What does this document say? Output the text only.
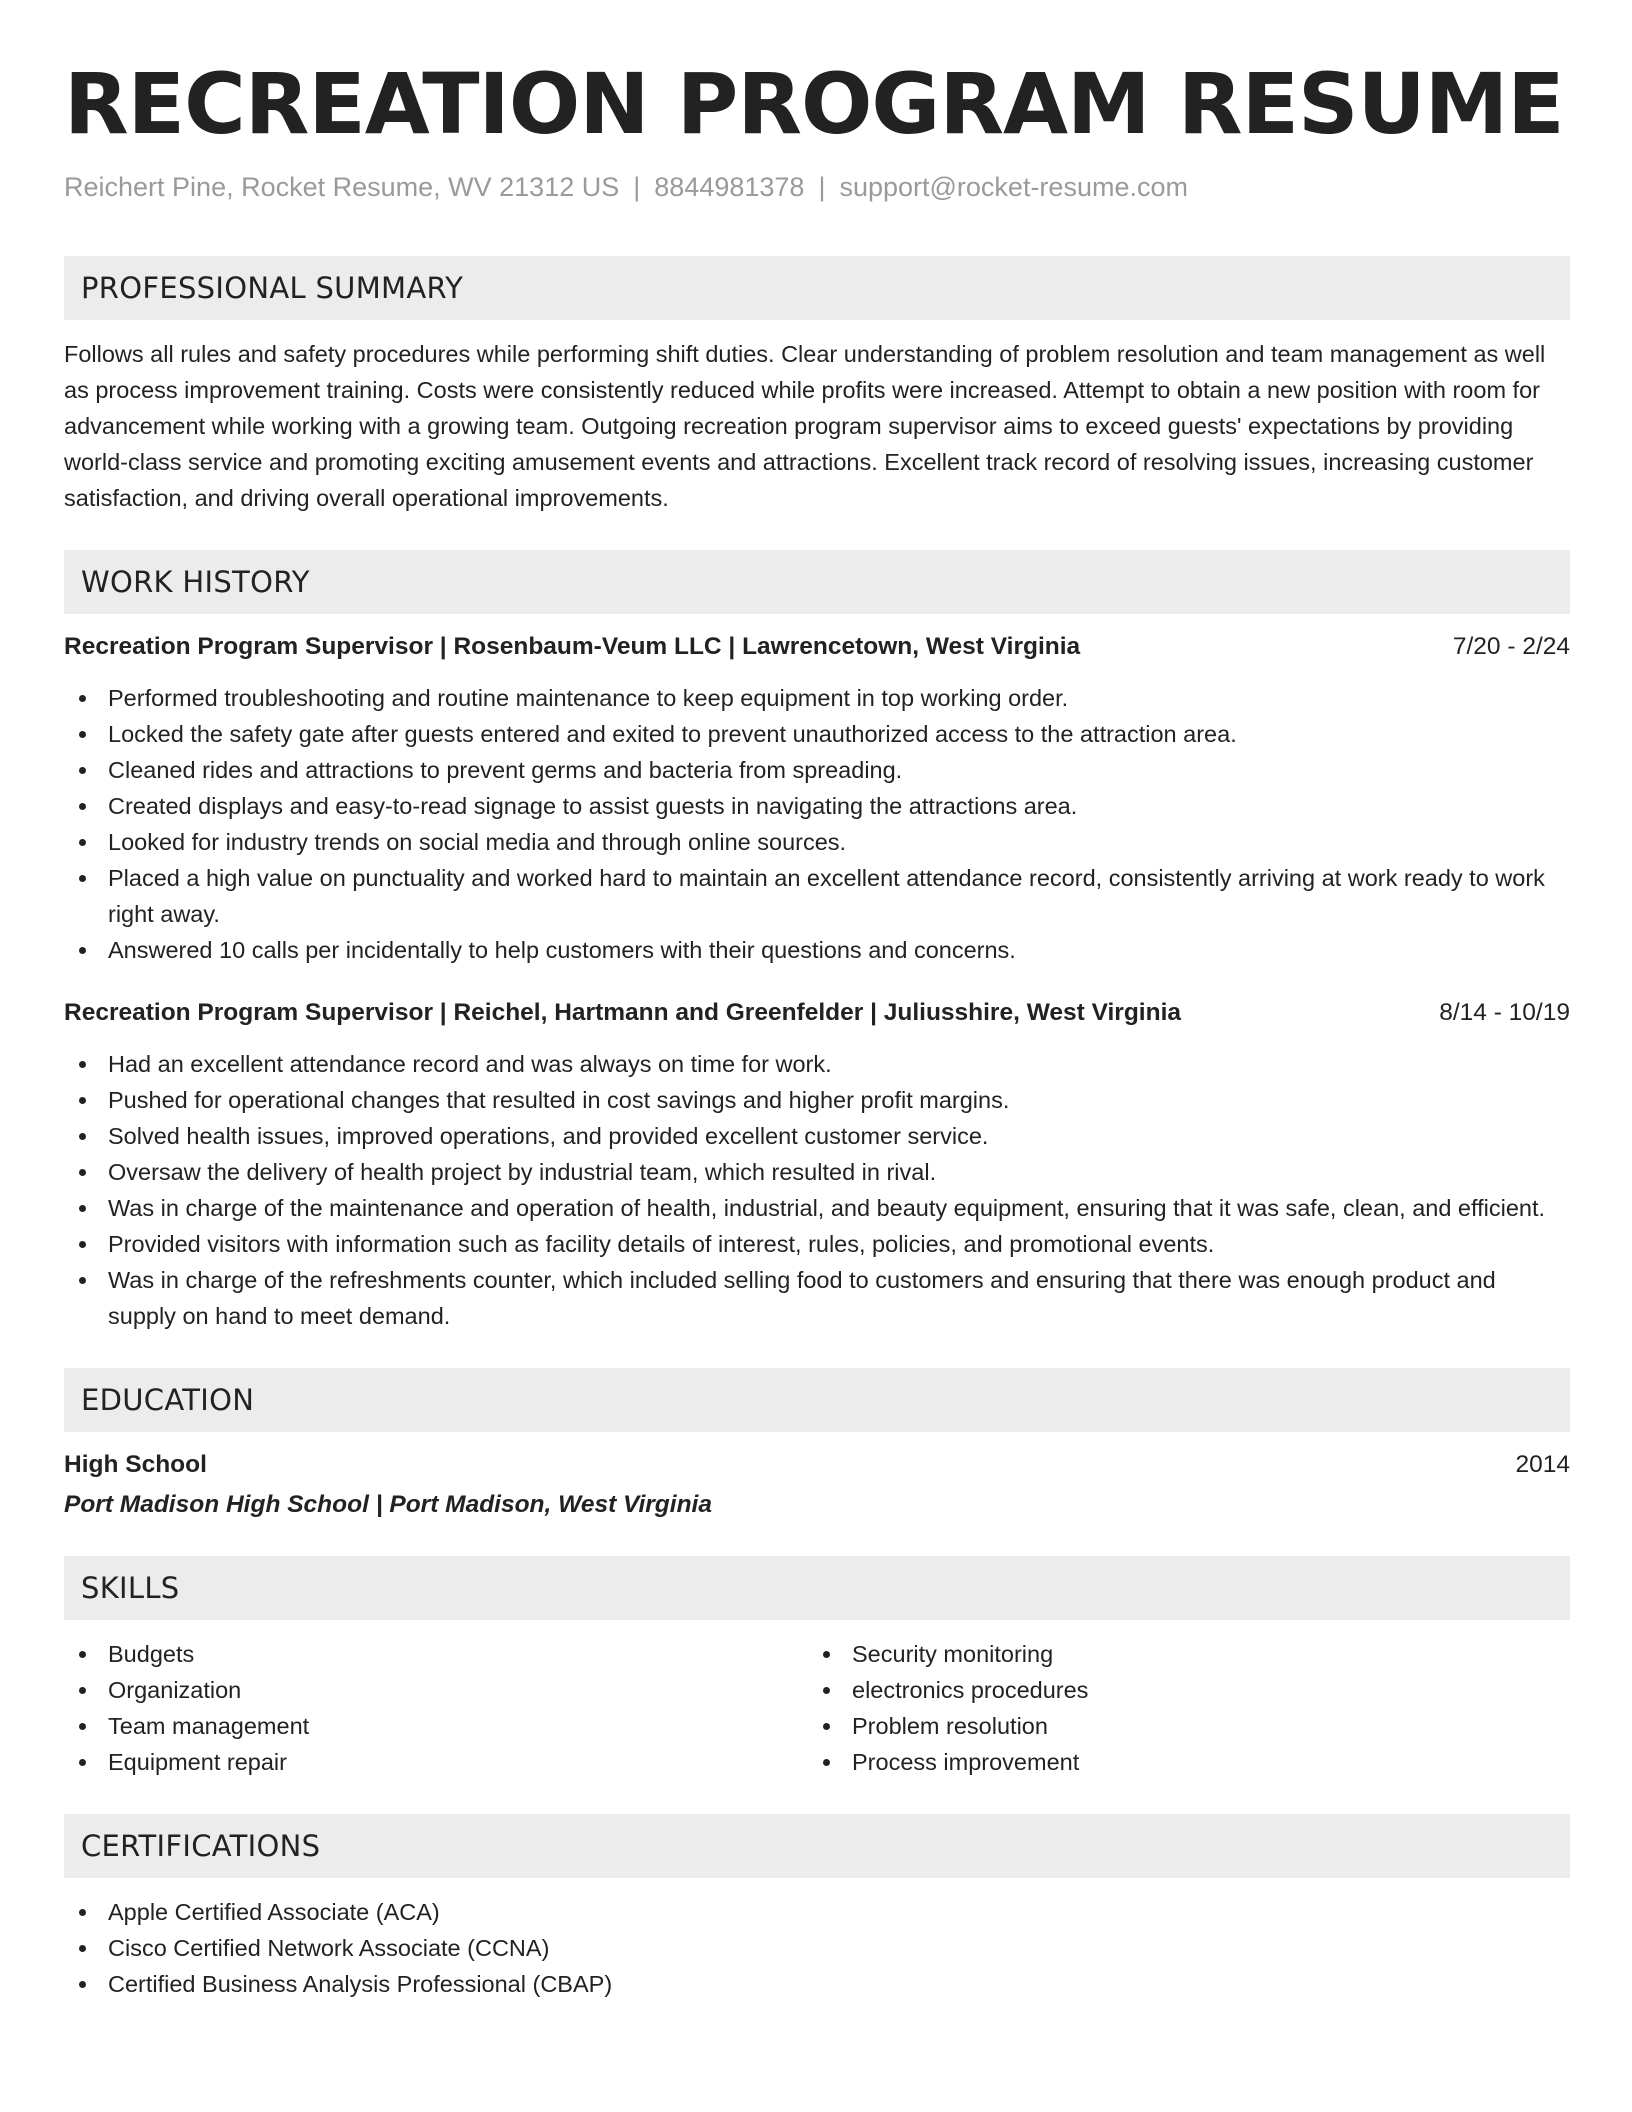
RECREATION PROGRAM RESUME
Reichert Pine, Rocket Resume, WV 21312 US | 8844981378 | support@rocket-resume.com
PROFESSIONAL SUMMARY

Follows all rules and safety procedures while performing shift duties. Clear understanding of problem resolution and team management as well as process improvement training. Costs were consistently reduced while profits were increased. Attempt to obtain a new position with room for advancement while working with a growing team. Outgoing recreation program supervisor aims to exceed guests' expectations by providing world-class service and promoting exciting amusement events and attractions. Excellent track record of resolving issues, increasing customer satisfaction, and driving overall operational improvements.

WORK HISTORY
Recreation Program Supervisor | Rosenbaum-Veum LLC | Lawrencetown, West Virginia	7/20 - 2/24
Performed troubleshooting and routine maintenance to keep equipment in top working order.
Locked the safety gate after guests entered and exited to prevent unauthorized access to the attraction area.
Cleaned rides and attractions to prevent germs and bacteria from spreading.
Created displays and easy-to-read signage to assist guests in navigating the attractions area.
Looked for industry trends on social media and through online sources.
Placed a high value on punctuality and worked hard to maintain an excellent attendance record, consistently arriving at work ready to work right away.
Answered 10 calls per incidentally to help customers with their questions and concerns.
Recreation Program Supervisor | Reichel, Hartmann and Greenfelder | Juliusshire, West Virginia	8/14 - 10/19
Had an excellent attendance record and was always on time for work.
Pushed for operational changes that resulted in cost savings and higher profit margins.
Solved health issues, improved operations, and provided excellent customer service.
Oversaw the delivery of health project by industrial team, which resulted in rival.
Was in charge of the maintenance and operation of health, industrial, and beauty equipment, ensuring that it was safe, clean, and efficient.
Provided visitors with information such as facility details of interest, rules, policies, and promotional events.
Was in charge of the refreshments counter, which included selling food to customers and ensuring that there was enough product and supply on hand to meet demand.
EDUCATION
High School	2014
Port Madison High School | Port Madison, West Virginia
SKILLS
Budgets
Organization
Team management
Equipment repair
Security monitoring
electronics procedures
Problem resolution
Process improvement
CERTIFICATIONS
Apple Certified Associate (ACA)
Cisco Certified Network Associate (CCNA)
Certified Business Analysis Professional (CBAP)
